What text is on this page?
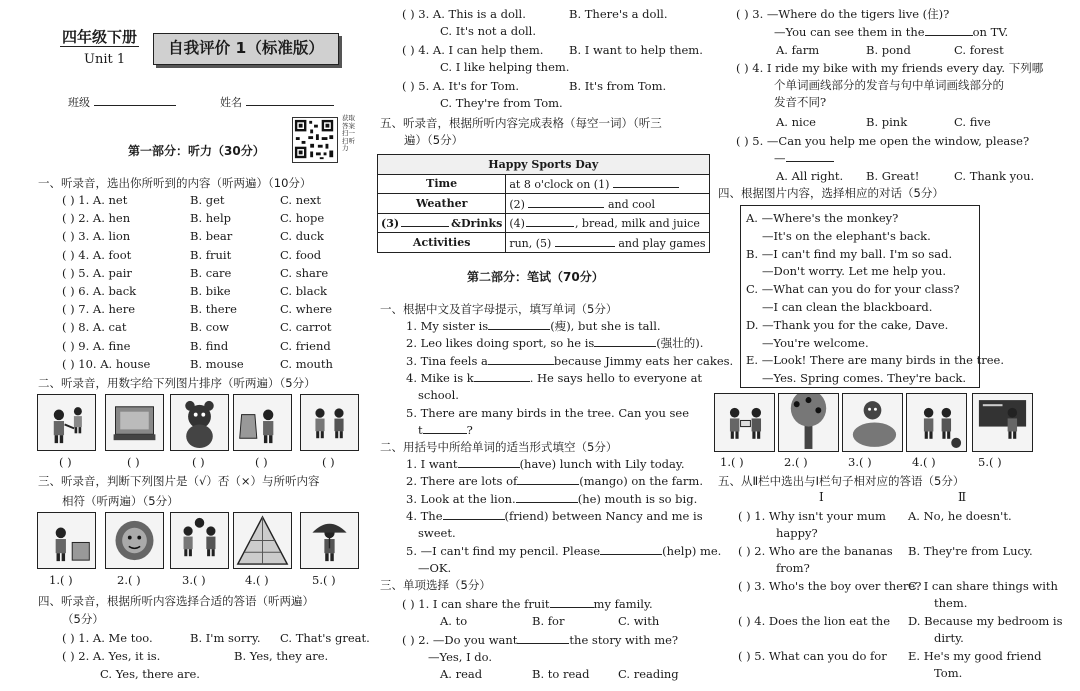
四年级下册
Unit 1
自我评价 1（标准版）
班级	姓名
获取答案扫一扫听力
第一部分：听力（30分）
一、听录音，选出你所听到的内容（听两遍）（10分）
( ) 1. A. net	B. get	C. next
( ) 2. A. hen	B. help	C. hope
( ) 3. A. lion	B. bear	C. duck
( ) 4. A. foot	B. fruit	C. food
( ) 5. A. pair	B. care	C. share
( ) 6. A. back	B. bike	C. black
( ) 7. A. here	B. there	C. where
( ) 8. A. cat	B. cow	C. carrot
( ) 9. A. fine	B. find	C. friend
( ) 10. A. house	B. mouse	C. mouth
二、听录音，用数字给下列图片排序（听两遍）（5分）
三、听录音，判断下列图片是（√）否（×）与所听内容
相符（听两遍）（5分）
四、听录音，根据所听内容选择合适的答语（听两遍）
（5分）
( ) 1. A. Me too.	B. I'm sorry. C. That's great.
( ) 2. A. Yes, it is.	B. Yes, they are.
C. Yes, there are.
( )	( )	( )	( )	( )
1.( )	2.( )	3.( )	4.( )	5.( )
( ) 3. A. This is a doll.	B. There's a doll.
C. It's not a doll.
( ) 4. A. I can help them. B. I want to help them.
C. I like helping them.
( ) 5. A. It's for Tom.	B. It's from Tom.
C. They're from Tom.
五、听录音，根据所听内容完成表格（每空一词）（听三
遍）（5分）
Happy Sports Day	
Time	at 8 o'clock on (1)
Weather	(2) and cool
(3) &Drinks	(4) , bread, milk and juice
Activities	run, (5) and play games
第二部分：笔试（70分）
一、根据中文及首字母提示，填写单词（5分）
1. My sister is	(瘦), but she is tall.
2. Leo likes doing sport, so he is	(强壮的).
3. Tina feels a	because Jimmy eats her cakes.
4. Mike is k	. He says hello to everyone at
school.
5. There are many birds in the tree. Can you see
t	?
二、用括号中所给单词的适当形式填空（5分）
1. I want	(have) lunch with Lily today.
2. There are lots of	(mango) on the farm.
3. Look at the lion.	(he) mouth is so big.
4. The	(friend) between Nancy and me is
sweet.
5. —I can't find my pencil. Please	(help) me.
—OK.
三、单项选择（5分）
( ) 1. I can share the fruit	my family.
A. to	B. for	C. with
( ) 2. —Do you want	the story with me?
—Yes, I do.
A. read	B. to read C. reading
( ) 3. —Where do the tigers live (住)?
—You can see them in the	on TV.
A. farm	B. pond	C. forest
( ) 4. I ride my bike with my friends every day. 下列哪
个单词画线部分的发音与句中单词画线部分的
发音不同?
A. nice	B. pink	C. five
( ) 5. —Can you help me open the window, please?
—
A. All right. B. Great!	C. Thank you.
四、根据图片内容，选择相应的对话（5分）
A. —Where's the monkey?
—It's on the elephant's back.
B. —I can't find my ball. I'm so sad.
—Don't worry. Let me help you.
C. —What can you do for your class?
—I can clean the blackboard.
D. —Thank you for the cake, Dave.
—You're welcome.
E. —Look! There are many birds in the tree.
—Yes. Spring comes. They're back.
五、从Ⅱ栏中选出与Ⅰ栏句子相对应的答语（5分）
Ⅰ	Ⅱ
( ) 1. Why isn't your mum A. No, he doesn't.
happy?
( ) 2. Who are the bananas B. They're from Lucy.
from?
( ) 3. Who's the boy over there?
C. I can share things with
them.
( ) 4. Does the lion eat the D. Because my bedroom is
dirty.
( ) 5. What can you do for E. He's my good friend
Tom.
1.( )	2.( )	3.( )	4.( )	5.( )
